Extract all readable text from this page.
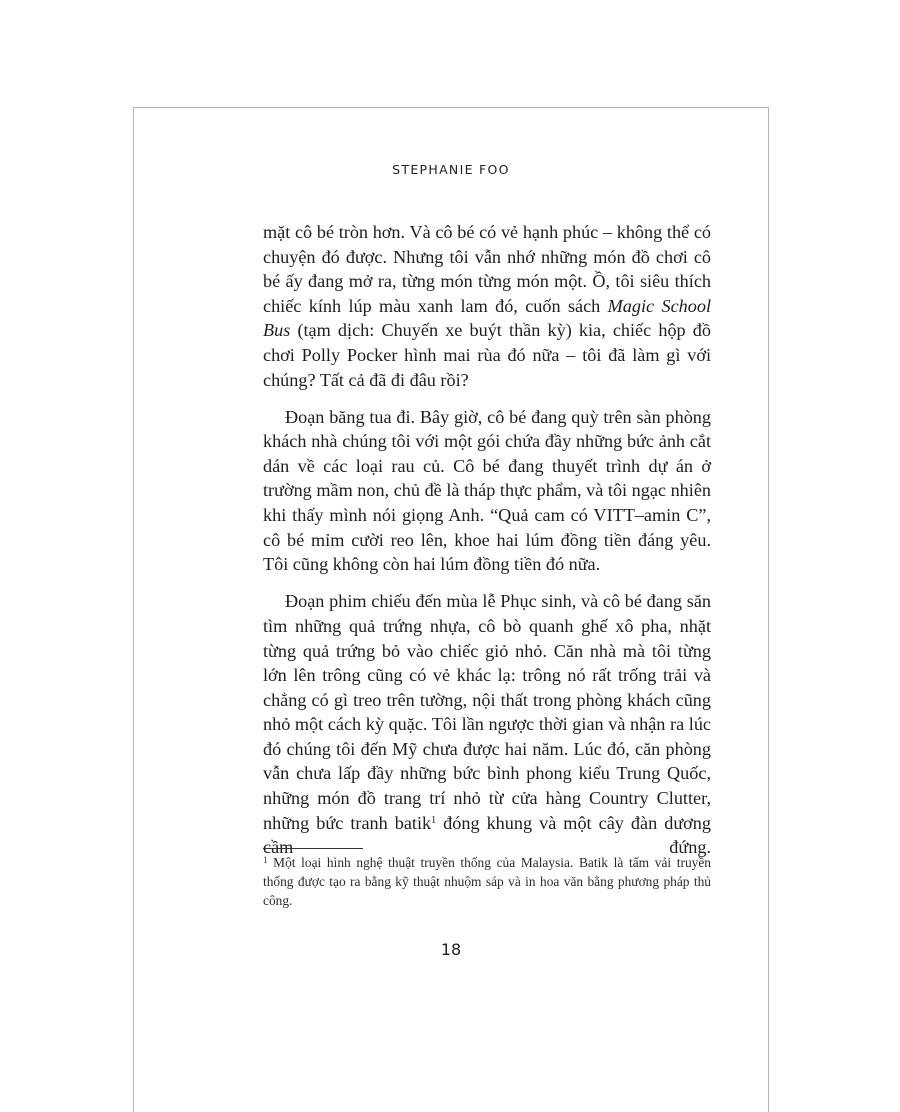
STEPHANIE FOO

mặt cô bé tròn hơn. Và cô bé có vẻ hạnh phúc – không thể có chuyện đó được. Nhưng tôi vẫn nhớ những món đồ chơi cô bé ấy đang mở ra, từng món từng món một. Ồ, tôi siêu thích chiếc kính lúp màu xanh lam đó, cuốn sách Magic School Bus (tạm dịch: Chuyến xe buýt thần kỳ) kia, chiếc hộp đồ chơi Polly Pocker hình mai rùa đó nữa – tôi đã làm gì với chúng? Tất cả đã đi đâu rồi?

Đoạn băng tua đi. Bây giờ, cô bé đang quỳ trên sàn phòng khách nhà chúng tôi với một gói chứa đầy những bức ảnh cắt dán về các loại rau củ. Cô bé đang thuyết trình dự án ở trường mầm non, chủ đề là tháp thực phẩm, và tôi ngạc nhiên khi thấy mình nói giọng Anh. “Quả cam có VITT–amin C”, cô bé mỉm cười reo lên, khoe hai lúm đồng tiền đáng yêu. Tôi cũng không còn hai lúm đồng tiền đó nữa.

Đoạn phim chiếu đến mùa lễ Phục sinh, và cô bé đang săn tìm những quả trứng nhựa, cô bò quanh ghế xô pha, nhặt từng quả trứng bỏ vào chiếc giỏ nhỏ. Căn nhà mà tôi từng lớn lên trông cũng có vẻ khác lạ: trông nó rất trống trải và chẳng có gì treo trên tường, nội thất trong phòng khách cũng nhỏ một cách kỳ quặc. Tôi lần ngược thời gian và nhận ra lúc đó chúng tôi đến Mỹ chưa được hai năm. Lúc đó, căn phòng vẫn chưa lấp đầy những bức bình phong kiểu Trung Quốc, những món đồ trang trí nhỏ từ cửa hàng Country Clutter, những bức tranh batik$^1$ đóng khung và một cây đàn dương cầm đứng.

$^1$ Một loại hình nghệ thuật truyền thống của Malaysia. Batik là tấm vải truyền thống được tạo ra bằng kỹ thuật nhuộm sáp và in hoa văn bằng phương pháp thủ công.
18
